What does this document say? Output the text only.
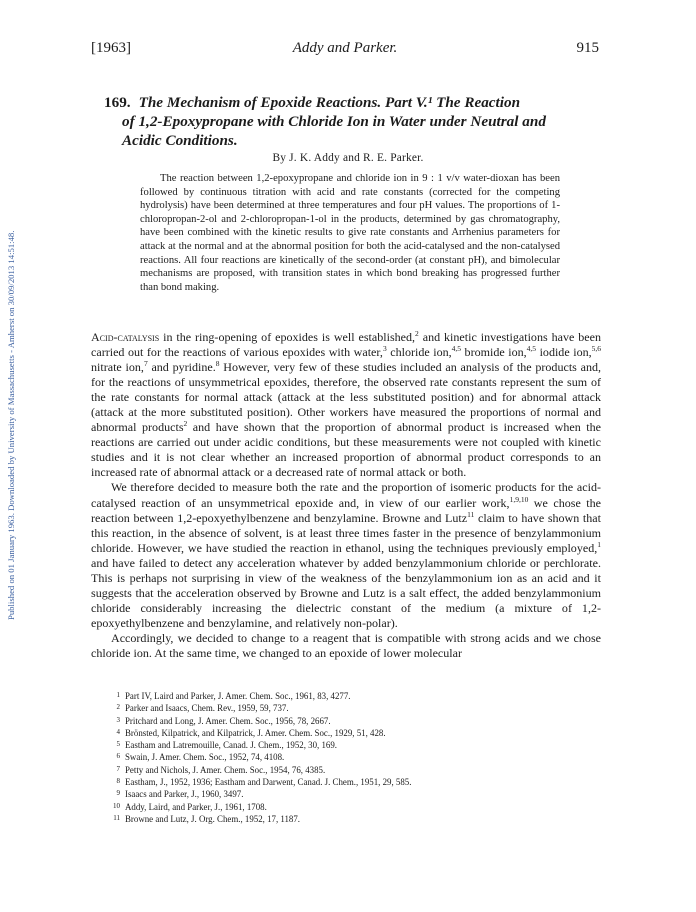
Published on 01 January 1963. Downloaded by University of Massachusetts - Amherst on 30/09/2013 14:51:48.
[1963]	Addy and Parker.	915
169. The Mechanism of Epoxide Reactions. Part V.¹ The Reaction
of 1,2-Epoxypropane with Chloride Ion in Water under Neutral and
Acidic Conditions.
By J. K. Addy and R. E. Parker.

The reaction between 1,2-epoxypropane and chloride ion in 9 : 1 v/v water-dioxan has been followed by continuous titration with acid and rate constants (corrected for the competing hydrolysis) have been determined at three temperatures and four pH values. The proportions of 1-chloropropan-2-ol and 2-chloropropan-1-ol in the products, determined by gas chromatography, have been combined with the kinetic results to give rate constants and Arrhenius parameters for attack at the normal and at the abnormal position for both the acid-catalysed and the non-catalysed reactions. All four reactions are kinetically of the second-order (at constant pH), and bimolecular mechanisms are proposed, with transition states in which bond breaking has progressed further than bond making.

Acid-catalysis in the ring-opening of epoxides is well established,$^2$ and kinetic investigations have been carried out for the reactions of various epoxides with water,$^3$ chloride ion,$^{4,5}$ bromide ion,$^{4,5}$ iodide ion,$^{5,6}$ nitrate ion,$^7$ and pyridine.$^8$ However, very few of these studies included an analysis of the products and, for the reactions of unsymmetrical epoxides, therefore, the observed rate constants represent the sum of the rate constants for normal attack (attack at the less substituted position) and for abnormal attack (attack at the more substituted position). Other workers have measured the proportions of normal and abnormal products$^2$ and have shown that the proportion of abnormal product is increased when the reactions are carried out under acidic conditions, but these measurements were not coupled with kinetic studies and it is not clear whether an increased proportion of abnormal product corresponds to an increased rate of abnormal attack or a decreased rate of normal attack or both.

We therefore decided to measure both the rate and the proportion of isomeric products for the acid-catalysed reaction of an unsymmetrical epoxide and, in view of our earlier work,$^{1,9,10}$ we chose the reaction between 1,2-epoxyethylbenzene and benzylamine. Browne and Lutz$^{11}$ claim to have shown that this reaction, in the absence of solvent, is at least three times faster in the presence of benzylammonium chloride. However, we have studied the reaction in ethanol, using the techniques previously employed,$^1$ and have failed to detect any acceleration whatever by added benzylammonium chloride or perchlorate. This is perhaps not surprising in view of the weakness of the benzylammonium ion as an acid and it suggests that the acceleration observed by Browne and Lutz is a salt effect, the added benzylammonium chloride considerably increasing the dielectric constant of the medium (a mixture of 1,2-epoxyethylbenzene and benzylamine, and relatively non-polar).

Accordingly, we decided to change to a reagent that is compatible with strong acids and we chose chloride ion. At the same time, we changed to an epoxide of lower molecular

1 Part IV, Laird and Parker, J. Amer. Chem. Soc., 1961, 83, 4277.
2 Parker and Isaacs, Chem. Rev., 1959, 59, 737.
3 Pritchard and Long, J. Amer. Chem. Soc., 1956, 78, 2667.
4 Brönsted, Kilpatrick, and Kilpatrick, J. Amer. Chem. Soc., 1929, 51, 428.
5 Eastham and Latremouille, Canad. J. Chem., 1952, 30, 169.
6 Swain, J. Amer. Chem. Soc., 1952, 74, 4108.
7 Petty and Nichols, J. Amer. Chem. Soc., 1954, 76, 4385.
8 Eastham, J., 1952, 1936; Eastham and Darwent, Canad. J. Chem., 1951, 29, 585.
9 Isaacs and Parker, J., 1960, 3497.
10 Addy, Laird, and Parker, J., 1961, 1708.
11 Browne and Lutz, J. Org. Chem., 1952, 17, 1187.
